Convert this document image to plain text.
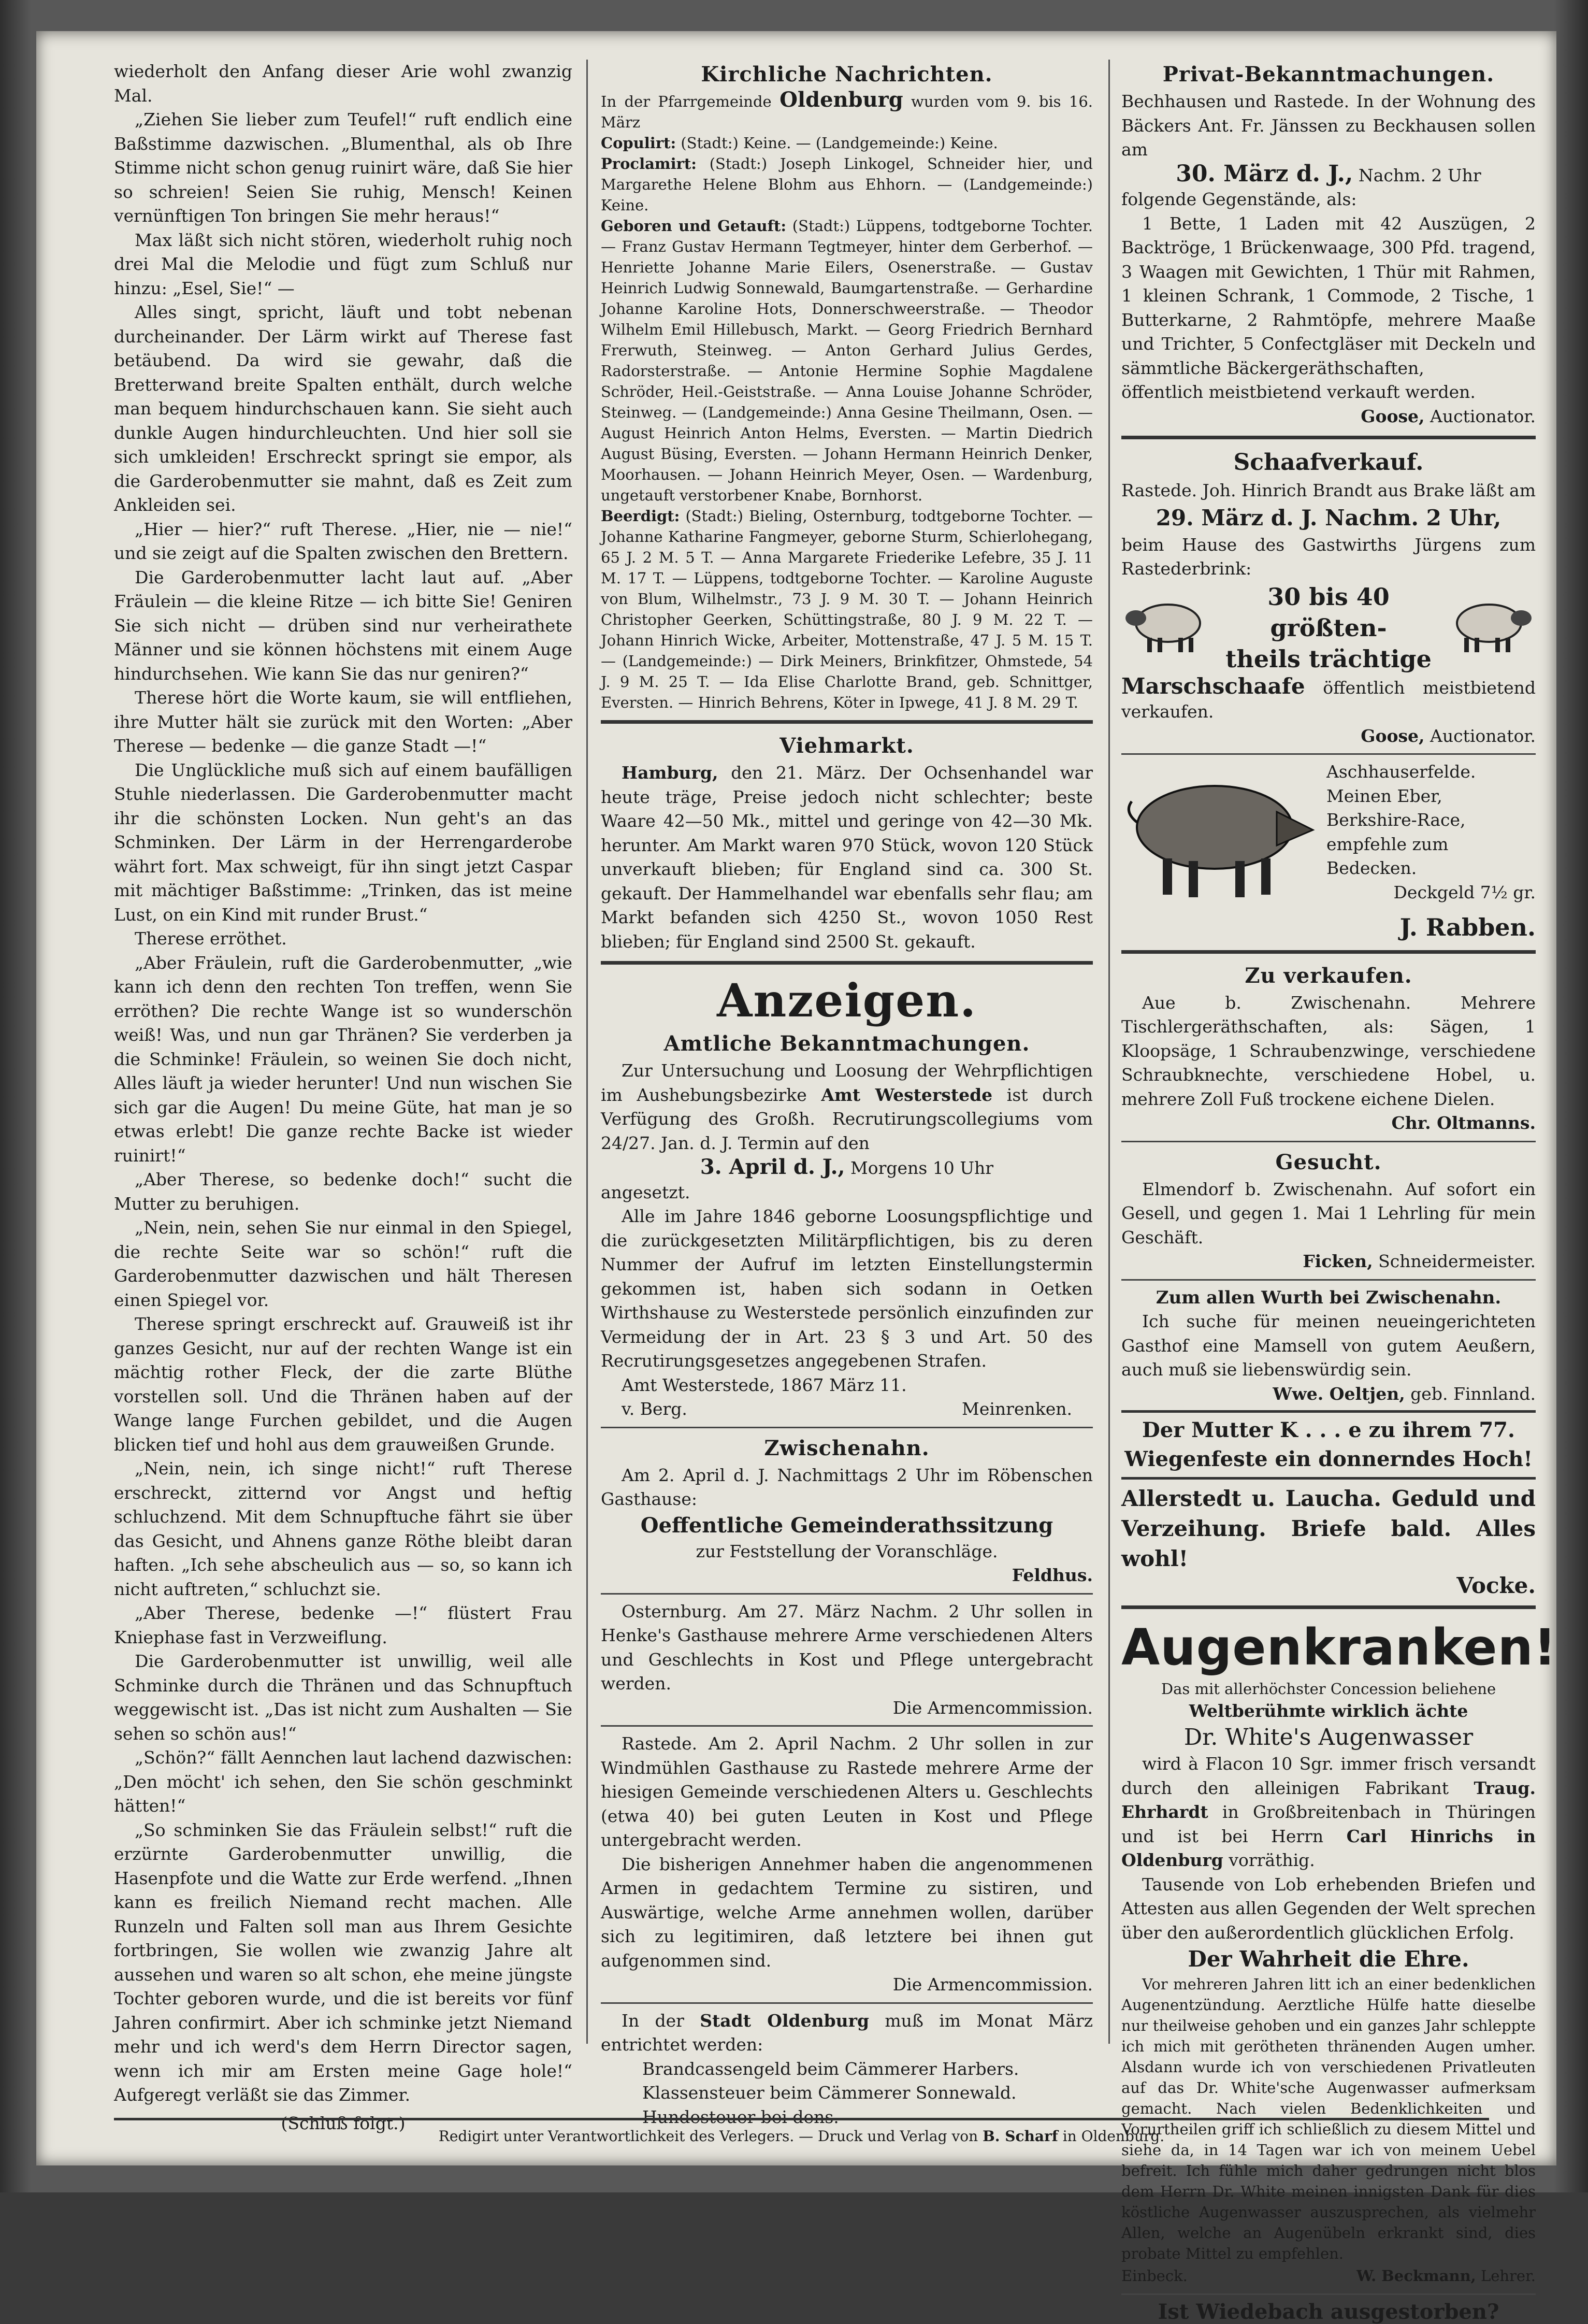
wiederholt den Anfang dieser Arie wohl zwanzig Mal.

„Ziehen Sie lieber zum Teufel!“ ruft endlich eine Baßstimme dazwischen. „Blumenthal, als ob Ihre Stimme nicht schon genug ruinirt wäre, daß Sie hier so schreien! Seien Sie ruhig, Mensch! Keinen vernünftigen Ton bringen Sie mehr heraus!“

Max läßt sich nicht stören, wiederholt ruhig noch drei Mal die Melodie und fügt zum Schluß nur hinzu: „Esel, Sie!“ —

Alles singt, spricht, läuft und tobt nebenan durcheinander. Der Lärm wirkt auf Therese fast betäubend. Da wird sie gewahr, daß die Bretterwand breite Spalten enthält, durch welche man bequem hindurchschauen kann. Sie sieht auch dunkle Augen hindurchleuchten. Und hier soll sie sich umkleiden! Erschreckt springt sie empor, als die Garderobenmutter sie mahnt, daß es Zeit zum Ankleiden sei.

„Hier — hier?“ ruft Therese. „Hier, nie — nie!“ und sie zeigt auf die Spalten zwischen den Brettern.

Die Garderobenmutter lacht laut auf. „Aber Fräulein — die kleine Ritze — ich bitte Sie! Geniren Sie sich nicht — drüben sind nur verheirathete Männer und sie können höchstens mit einem Auge hindurchsehen. Wie kann Sie das nur geniren?“

Therese hört die Worte kaum, sie will entfliehen, ihre Mutter hält sie zurück mit den Worten: „Aber Therese — bedenke — die ganze Stadt —!“

Die Unglückliche muß sich auf einem baufälligen Stuhle niederlassen. Die Garderobenmutter macht ihr die schönsten Locken. Nun geht's an das Schminken. Der Lärm in der Herrengarderobe währt fort. Max schweigt, für ihn singt jetzt Caspar mit mächtiger Baßstimme: „Trinken, das ist meine Lust, on ein Kind mit runder Brust.“

Therese erröthet.

„Aber Fräulein, ruft die Garderobenmutter, „wie kann ich denn den rechten Ton treffen, wenn Sie erröthen? Die rechte Wange ist so wunderschön weiß! Was, und nun gar Thränen? Sie verderben ja die Schminke! Fräulein, so weinen Sie doch nicht, Alles läuft ja wieder herunter! Und nun wischen Sie sich gar die Augen! Du meine Güte, hat man je so etwas erlebt! Die ganze rechte Backe ist wieder ruinirt!“

„Aber Therese, so bedenke doch!“ sucht die Mutter zu beruhigen.

„Nein, nein, sehen Sie nur einmal in den Spiegel, die rechte Seite war so schön!“ ruft die Garderobenmutter dazwischen und hält Theresen einen Spiegel vor.

Therese springt erschreckt auf. Grauweiß ist ihr ganzes Gesicht, nur auf der rechten Wange ist ein mächtig rother Fleck, der die zarte Blüthe vorstellen soll. Und die Thränen haben auf der Wange lange Furchen gebildet, und die Augen blicken tief und hohl aus dem grauweißen Grunde.

„Nein, nein, ich singe nicht!“ ruft Therese erschreckt, zitternd vor Angst und heftig schluchzend. Mit dem Schnupftuche fährt sie über das Gesicht, und Ahnens ganze Röthe bleibt daran haften. „Ich sehe abscheulich aus — so, so kann ich nicht auftreten,“ schluchzt sie.

„Aber Therese, bedenke —!“ flüstert Frau Kniephase fast in Verzweiflung.

Die Garderobenmutter ist unwillig, weil alle Schminke durch die Thränen und das Schnupftuch weggewischt ist. „Das ist nicht zum Aushalten — Sie sehen so schön aus!“

„Schön?“ fällt Aennchen laut lachend dazwischen: „Den möcht' ich sehen, den Sie schön geschminkt hätten!“

„So schminken Sie das Fräulein selbst!“ ruft die erzürnte Garderobenmutter unwillig, die Hasenpfote und die Watte zur Erde werfend. „Ihnen kann es freilich Niemand recht machen. Alle Runzeln und Falten soll man aus Ihrem Gesichte fortbringen, Sie wollen wie zwanzig Jahre alt aussehen und waren so alt schon, ehe meine jüngste Tochter geboren wurde, und die ist bereits vor fünf Jahren confirmirt. Aber ich schminke jetzt Niemand mehr und ich werd's dem Herrn Director sagen, wenn ich mir am Ersten meine Gage hole!“ Aufgeregt verläßt sie das Zimmer.

(Schluß folgt.)

Kirchliche Nachrichten.

In der Pfarrgemeinde Oldenburg wurden vom 9. bis 16. März

Copulirt: (Stadt:) Keine. — (Landgemeinde:) Keine.

Proclamirt: (Stadt:) Joseph Linkogel, Schneider hier, und Margarethe Helene Blohm aus Ehhorn. — (Landgemeinde:) Keine.

Geboren und Getauft: (Stadt:) Lüppens, todtgeborne Tochter. — Franz Gustav Hermann Tegtmeyer, hinter dem Gerberhof. — Henriette Johanne Marie Eilers, Osenerstraße. — Gustav Heinrich Ludwig Sonnewald, Baumgartenstraße. — Gerhardine Johanne Karoline Hots, Donnerschweerstraße. — Theodor Wilhelm Emil Hillebusch, Markt. — Georg Friedrich Bernhard Frerwuth, Steinweg. — Anton Gerhard Julius Gerdes, Radorsterstraße. — Antonie Hermine Sophie Magdalene Schröder, Heil.-Geiststraße. — Anna Louise Johanne Schröder, Steinweg. — (Landgemeinde:) Anna Gesine Theilmann, Osen. — August Heinrich Anton Helms, Eversten. — Martin Diedrich August Büsing, Eversten. — Johann Hermann Heinrich Denker, Moorhausen. — Johann Heinrich Meyer, Osen. — Wardenburg, ungetauft verstorbener Knabe, Bornhorst.

Beerdigt: (Stadt:) Bieling, Osternburg, todtgeborne Tochter. — Johanne Katharine Fangmeyer, geborne Sturm, Schierlohegang, 65 J. 2 M. 5 T. — Anna Margarete Friederike Lefebre, 35 J. 11 M. 17 T. — Lüppens, todtgeborne Tochter. — Karoline Auguste von Blum, Wilhelmstr., 73 J. 9 M. 30 T. — Johann Heinrich Christopher Geerken, Schüttingstraße, 80 J. 9 M. 22 T. — Johann Hinrich Wicke, Arbeiter, Mottenstraße, 47 J. 5 M. 15 T. — (Landgemeinde:) — Dirk Meiners, Brinkfitzer, Ohmstede, 54 J. 9 M. 25 T. — Ida Elise Charlotte Brand, geb. Schnittger, Eversten. — Hinrich Behrens, Köter in Ipwege, 41 J. 8 M. 29 T.

Viehmarkt.

Hamburg, den 21. März. Der Ochsenhandel war heute träge, Preise jedoch nicht schlechter; beste Waare 42—50 Mk., mittel und geringe von 42—30 Mk. herunter. Am Markt waren 970 Stück, wovon 120 Stück unverkauft blieben; für England sind ca. 300 St. gekauft. Der Hammelhandel war ebenfalls sehr flau; am Markt befanden sich 4250 St., wovon 1050 Rest blieben; für England sind 2500 St. gekauft.

Anzeigen.
Amtliche Bekanntmachungen.

Zur Untersuchung und Loosung der Wehrpflichtigen im Aushebungsbezirke Amt Westerstede ist durch Verfügung des Großh. Recrutirungscollegiums vom 24/27. Jan. d. J. Termin auf den

3. April d. J., Morgens 10 Uhr

angesetzt.

Alle im Jahre 1846 geborne Loosungspflichtige und die zurückgesetzten Militärpflichtigen, bis zu deren Nummer der Aufruf im letzten Einstellungstermin gekommen ist, haben sich sodann in Oetken Wirthshause zu Westerstede persönlich einzufinden zur Vermeidung der in Art. 23 § 3 und Art. 50 des Recrutirungsgesetzes angegebenen Strafen.

Amt Westerstede, 1867 März 11.

v. Berg.	Meinrenken.
Zwischenahn.

Am 2. April d. J. Nachmittags 2 Uhr im Röbenschen Gasthause:

Oeffentliche Gemeinderathssitzung

zur Feststellung der Voranschläge.

Feldhus.

Osternburg. Am 27. März Nachm. 2 Uhr sollen in Henke's Gasthause mehrere Arme verschiedenen Alters und Geschlechts in Kost und Pflege untergebracht werden.

Die Armencommission.

Rastede. Am 2. April Nachm. 2 Uhr sollen in zur Windmühlen Gasthause zu Rastede mehrere Arme der hiesigen Gemeinde verschiedenen Alters u. Geschlechts (etwa 40) bei guten Leuten in Kost und Pflege untergebracht werden.

Die bisherigen Annehmer haben die angenommenen Armen in gedachtem Termine zu sistiren, und Auswärtige, welche Arme annehmen wollen, darüber sich zu legitimiren, daß letztere bei ihnen gut aufgenommen sind.

Die Armencommission.

In der Stadt Oldenburg muß im Monat März entrichtet werden:

Brandcassengeld beim Cämmerer Harbers.
Klassensteuer beim Cämmerer Sonnewald.
Hundesteuer bei dens.
Privat-Bekanntmachungen.

Bechhausen und Rastede. In der Wohnung des Bäckers Ant. Fr. Jänssen zu Beckhausen sollen am

30. März d. J., Nachm. 2 Uhr

folgende Gegenstände, als:

1 Bette, 1 Laden mit 42 Auszügen, 2 Backtröge, 1 Brückenwaage, 300 Pfd. tragend, 3 Waagen mit Gewichten, 1 Thür mit Rahmen, 1 kleinen Schrank, 1 Commode, 2 Tische, 1 Butterkarne, 2 Rahmtöpfe, mehrere Maaße und Trichter, 5 Confectgläser mit Deckeln und sämmtliche Bäckergeräthschaften,

öffentlich meistbietend verkauft werden.

Goose, Auctionator.

Schaafverkauf.

Rastede. Joh. Hinrich Brandt aus Brake läßt am

29. März d. J. Nachm. 2 Uhr,

beim Hause des Gastwirths Jürgens zum Rastederbrink:

30 bis 40 größten-
theils trächtige

Marschschaafe öffentlich meistbietend verkaufen.

Goose, Auctionator.

Aschhauserfelde. Meinen Eber, Berkshire-Race, empfehle zum Bedecken.

Deckgeld 7½ gr.

J. Rabben.

Zu verkaufen.

Aue b. Zwischenahn. Mehrere Tischlergeräthschaften, als: Sägen, 1 Kloopsäge, 1 Schraubenzwinge, verschiedene Schraubknechte, verschiedene Hobel, u. mehrere Zoll Fuß trockene eichene Dielen.

Chr. Oltmanns.

Gesucht.

Elmendorf b. Zwischenahn. Auf sofort ein Gesell, und gegen 1. Mai 1 Lehrling für mein Geschäft.

Ficken, Schneidermeister.

Zum allen Wurth bei Zwischenahn.

Ich suche für meinen neueingerichteten Gasthof eine Mamsell von gutem Aeußern, auch muß sie liebenswürdig sein.

Wwe. Oeltjen, geb. Finnland.

Der Mutter K . . . e zu ihrem 77. Wiegenfeste ein donnerndes Hoch!

Allerstedt u. Laucha. Geduld und Verzeihung. Briefe bald. Alles wohl!

Vocke.

Augenkranken!

Das mit allerhöchster Concession beliehene

Weltberühmte wirklich ächte

Dr. White's Augenwasser

wird à Flacon 10 Sgr. immer frisch versandt durch den alleinigen Fabrikant Traug. Ehrhardt in Großbreitenbach in Thüringen und ist bei Herrn Carl Hinrichs in Oldenburg vorräthig.

Tausende von Lob erhebenden Briefen und Attesten aus allen Gegenden der Welt sprechen über den außerordentlich glücklichen Erfolg.

Der Wahrheit die Ehre.

Vor mehreren Jahren litt ich an einer bedenklichen Augenentzündung. Aerztliche Hülfe hatte dieselbe nur theilweise gehoben und ein ganzes Jahr schleppte ich mich mit gerötheten thränenden Augen umher. Alsdann wurde ich von verschiedenen Privatleuten auf das Dr. White'sche Augenwasser aufmerksam gemacht. Nach vielen Bedenklichkeiten und Vorurtheilen griff ich schließlich zu diesem Mittel und siehe da, in 14 Tagen war ich von meinem Uebel befreit. Ich fühle mich daher gedrungen nicht blos dem Herrn Dr. White meinen innigsten Dank für dies köstliche Augenwasser auszusprechen, als vielmehr Allen, welche an Augenübeln erkrankt sind, dies probate Mittel zu empfehlen.

Einbeck.	W. Beckmann, Lehrer.
Ist Wiedebach ausgestorben?
Redigirt unter Verantwortlichkeit des Verlegers. — Druck und Verlag von B. Scharf in Oldenburg.
